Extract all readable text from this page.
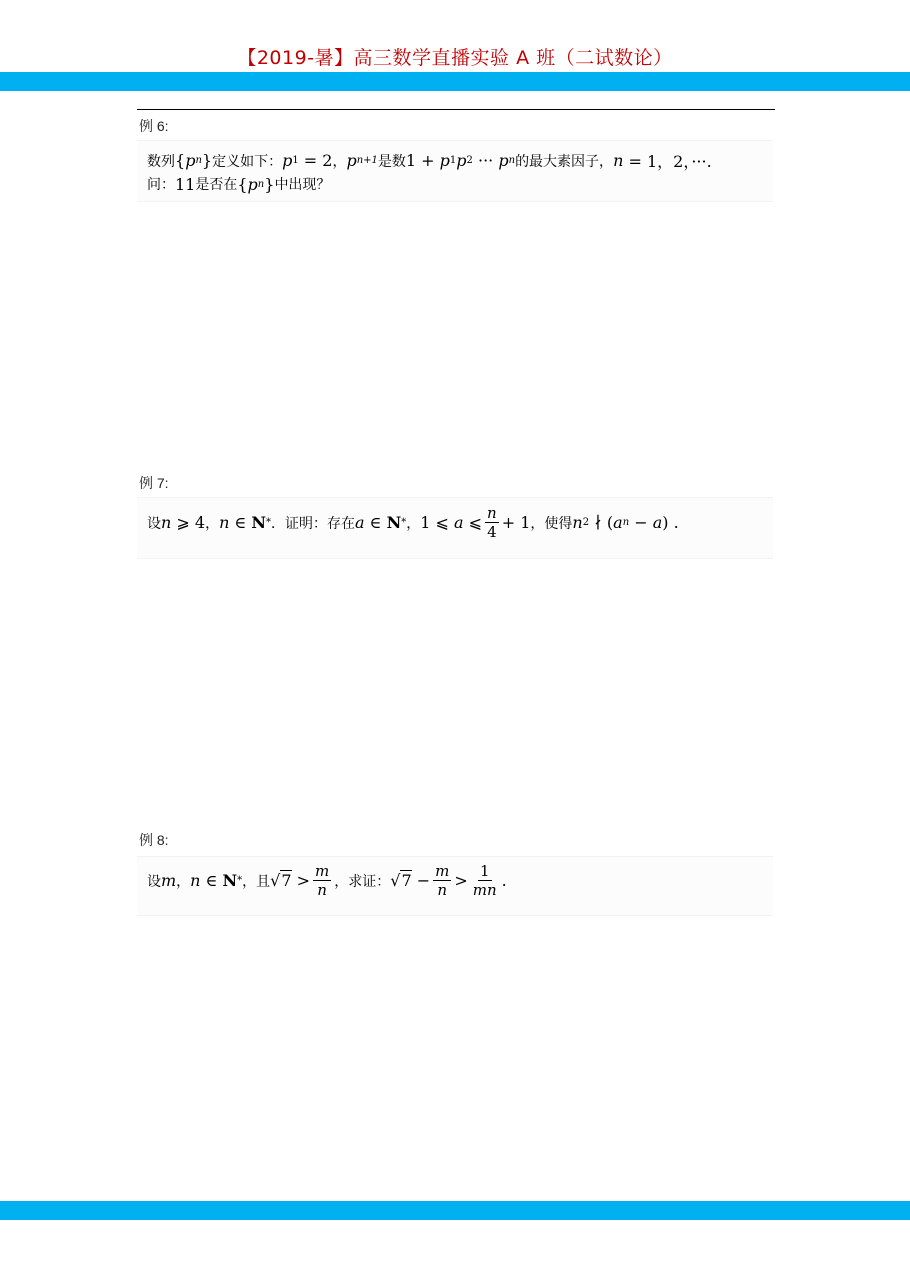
【2019-暑】高三数学直播实验 A 班（二试数论）
例 6:
数列 { p n } 定义如下： p 1 = 2 ， p n+1 是数 1 + p 1 p 2 ··· p n 的最大素因子， n = 1，2，···.
问： 11 是否在 { p n } 中出现？
例 7:
设 n ⩾ 4 ， n ∈ N * ．证明：存在 a ∈ N * ， 1 ⩽ a ⩽ $\frac{n}{4} + 1$ ，使得 n 2 ∤ ( a n − a ) .
例 8:
设 m ， n ∈ N * ，且 $√7 > \frac{m}{n}$ ，求证： $√7 - \frac{m}{n} > \frac{1}{mn}$ .
